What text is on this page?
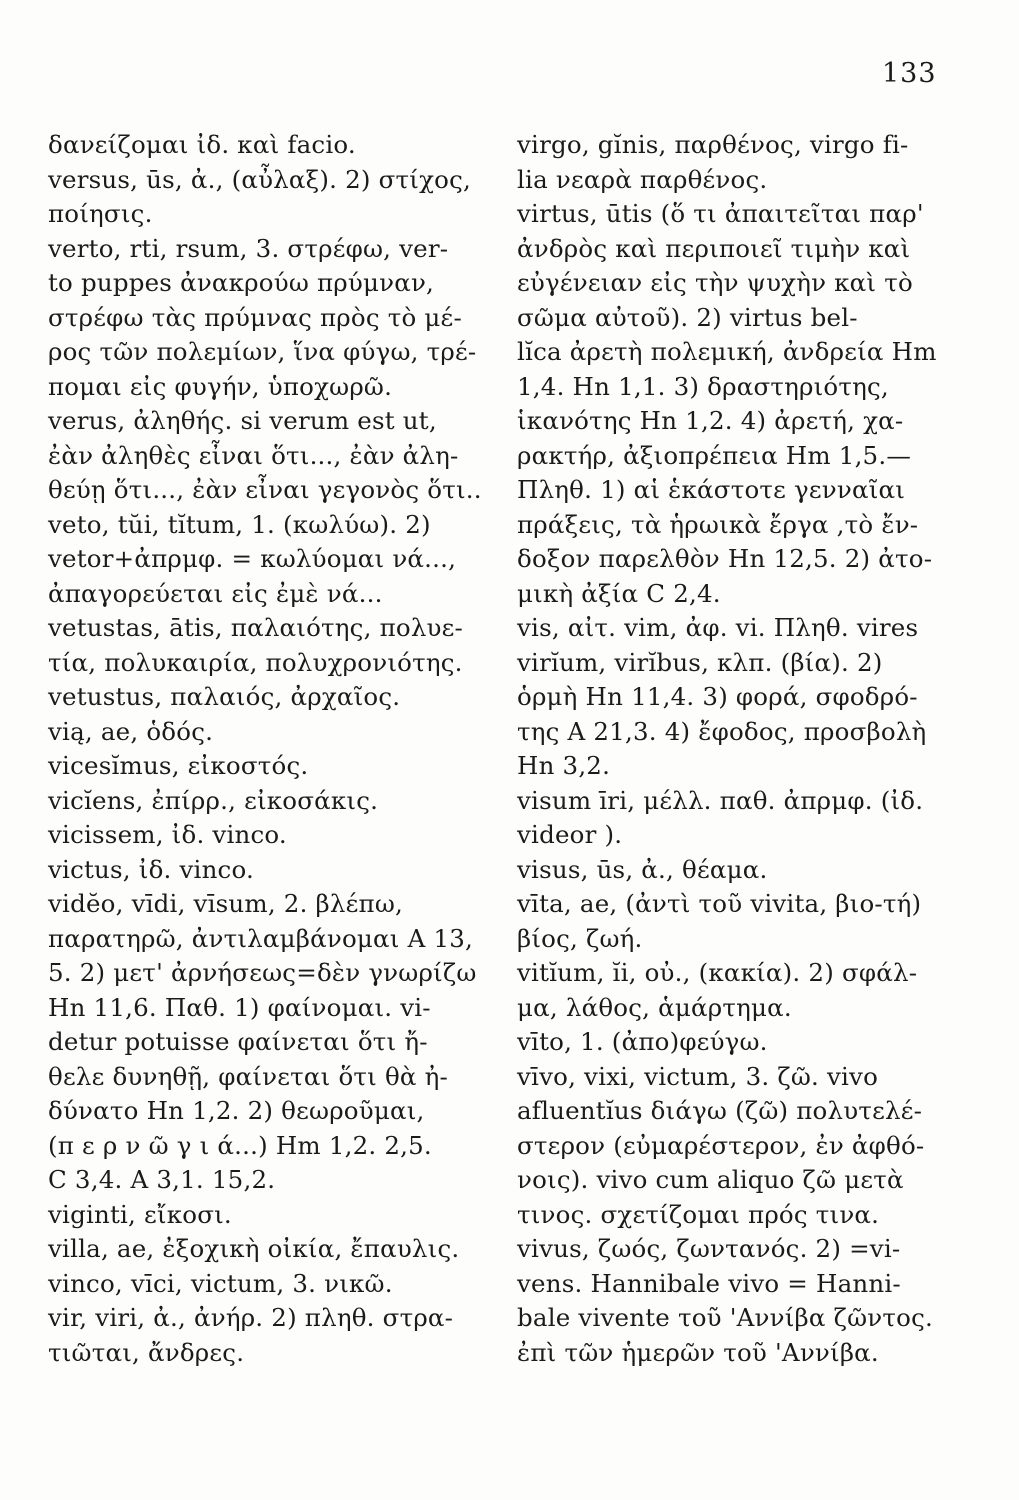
133
δανείζομαι ἰδ. καὶ facio.
versus, ūs, ἀ., (αὖλαξ). 2) στίχος,
ποίησις.
verto, rti, rsum, 3. στρέφω, ver-
to puppes ἀνακρούω πρύμναν,
στρέφω τὰς πρύμνας πρὸς τὸ μέ-
ρος τῶν πολεμίων, ἵνα φύγω, τρέ-
πομαι εἰς φυγήν, ὑποχωρῶ.
verus, ἀληθής. si verum est ut,
ἐὰν ἀληθὲς εἶναι ὅτι..., ἐὰν ἀλη-
θεύῃ ὅτι..., ἐὰν εἶναι γεγονὸς ὅτι..
veto, tŭi, tĭtum, 1. (κωλύω). 2)
vetor+ἀπρμφ. = κωλύομαι νά...,
ἀπαγορεύεται εἰς ἐμὲ νά...
vetustas, ātis, παλαιότης, πολυε-
τία, πολυκαιρία, πολυχρονιότης.
vetustus, παλαιός, ἀρχαῖος.
vią, ae, ὁδός.
vicesĭmus, εἰκοστός.
vicĭens, ἐπίρρ., εἰκοσάκις.
vicissem, ἰδ. vinco.
victus, ἰδ. vinco.
vidĕo, vīdi, vīsum, 2. βλέπω,
παρατηρῶ, ἀντιλαμβάνομαι Α 13,
5. 2) μετ' ἀρνήσεως=δὲν γνωρίζω
Hn 11,6. Παθ. 1) φαίνομαι. vi-
detur potuisse φαίνεται ὅτι ἤ-
θελε δυνηθῇ, φαίνεται ὅτι θὰ ἠ-
δύνατο Hn 1,2. 2) θεωροῦμαι,
(π ε ρ ν ῶ γ ι ά...) Hm 1,2. 2,5.
C 3,4. A 3,1. 15,2.
viginti, εἴκοσι.
villa, ae, ἐξοχικὴ οἰκία, ἔπαυλις.
vinco, vīci, victum, 3. νικῶ.
vir, viri, ἀ., ἀνήρ. 2) πληθ. στρα-
τιῶται, ἄνδρες.
virgo, gĭnis, παρθένος, virgo fi-
lia νεαρὰ παρθένος.
virtus, ūtis (ὅ τι ἀπαιτεῖται παρ'
ἀνδρὸς καὶ περιποιεῖ τιμὴν καὶ
εὐγένειαν εἰς τὴν ψυχὴν καὶ τὸ
σῶμα αὐτοῦ). 2) virtus bel-
lĭca ἀρετὴ πολεμική, ἀνδρεία Hm
1,4. Hn 1,1. 3) δραστηριότης,
ἱκανότης Hn 1,2. 4) ἀρετή, χα-
ρακτήρ, ἀξιοπρέπεια Hm 1,5.—
Πληθ. 1) αἱ ἑκάστοτε γενναῖαι
πράξεις, τὰ ἡρωικὰ ἔργα ,τὸ ἔν-
δοξον παρελθὸν Hn 12,5. 2) ἀτο-
μικὴ ἀξία C 2,4.
vis, αἰτ. vim, ἀφ. vi. Πληθ. vires
virĭum, virĭbus, κλπ. (βία). 2)
ὁρμὴ Hn 11,4. 3) φορά, σφοδρό-
της A 21,3. 4) ἔφοδος, προσβολὴ
Hn 3,2.
visum īri, μέλλ. παθ. ἀπρμφ. (ἰδ.
videor ).
visus, ūs, ἀ., θέαμα.
vīta, ae, (ἀντὶ τοῦ vivita, βιο-τή)
βίος, ζωή.
vitĭum, ĭi, οὐ., (κακία). 2) σφάλ-
μα, λάθος, ἁμάρτημα.
vīto, 1. (ἀπο)φεύγω.
vīvo, vixi, victum, 3. ζῶ. vivo
afluentĭus διάγω (ζῶ) πολυτελέ-
στερον (εὐμαρέστερον, ἐν ἀφθό-
νοις). vivo cum aliquo ζῶ μετὰ
τινος. σχετίζομαι πρός τινα.
vivus, ζωός, ζωντανός. 2) =vi-
vens. Hannibale vivo = Hanni-
bale vivente τοῦ 'Αννίβα ζῶντος.
ἐπὶ τῶν ἡμερῶν τοῦ 'Αννίβα.
